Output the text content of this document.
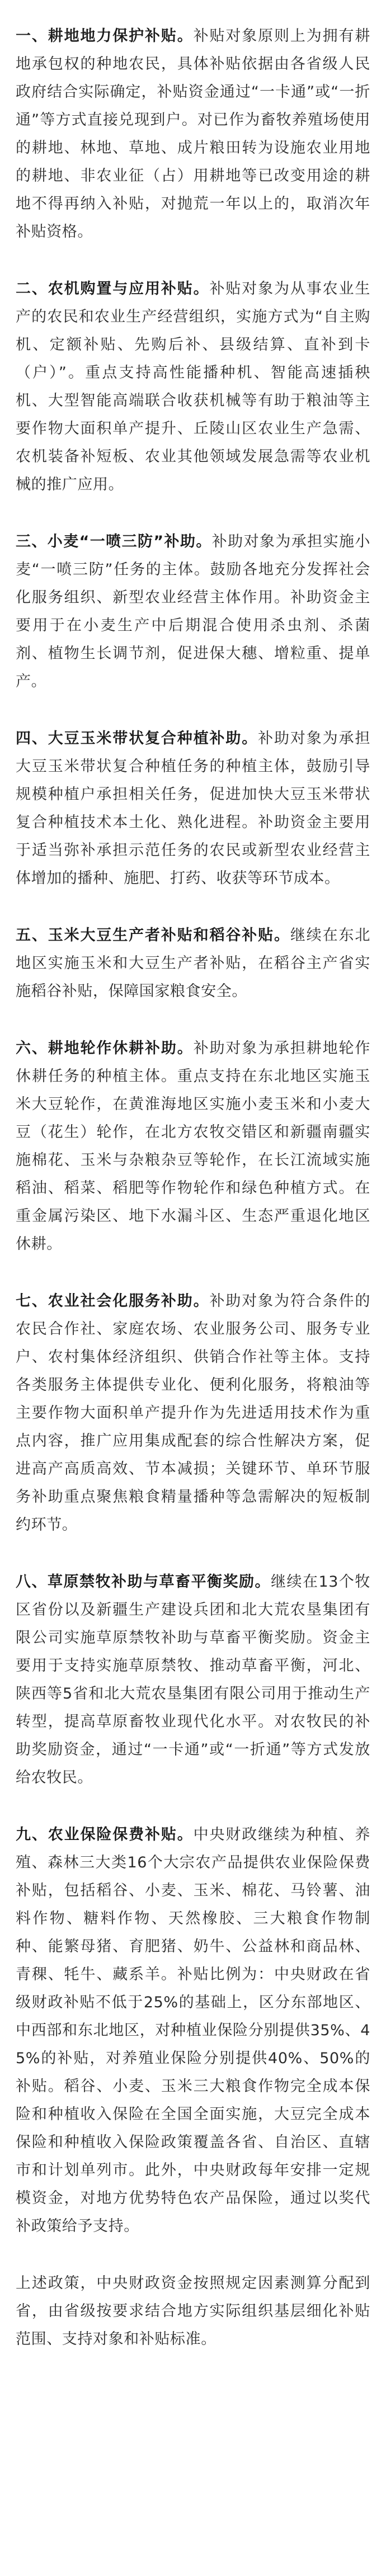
一、耕地地力保护补贴。补贴对象原则上为拥有耕地承包权的种地农民，具体补贴依据由各省级人民政府结合实际确定，补贴资金通过“一卡通”或“一折通”等方式直接兑现到户。对已作为畜牧养殖场使用的耕地、林地、草地、成片粮田转为设施农业用地的耕地、非农业征（占）用耕地等已改变用途的耕地不得再纳入补贴，对抛荒一年以上的，取消次年补贴资格。

二、农机购置与应用补贴。补贴对象为从事农业生产的农民和农业生产经营组织，实施方式为“自主购机、定额补贴、先购后补、县级结算、直补到卡（户）”。重点支持高性能播种机、智能高速插秧机、大型智能高端联合收获机械等有助于粮油等主要作物大面积单产提升、丘陵山区农业生产急需、农机装备补短板、农业其他领域发展急需等农业机械的推广应用。

三、小麦“一喷三防”补助。补助对象为承担实施小麦“一喷三防”任务的主体。鼓励各地充分发挥社会化服务组织、新型农业经营主体作用。补助资金主要用于在小麦生产中后期混合使用杀虫剂、杀菌剂、植物生长调节剂，促进保大穗、增粒重、提单产。

四、大豆玉米带状复合种植补助。补助对象为承担大豆玉米带状复合种植任务的种植主体，鼓励引导规模种植户承担相关任务，促进加快大豆玉米带状复合种植技术本土化、熟化进程。补助资金主要用于适当弥补承担示范任务的农民或新型农业经营主体增加的播种、施肥、打药、收获等环节成本。

五、玉米大豆生产者补贴和稻谷补贴。继续在东北地区实施玉米和大豆生产者补贴，在稻谷主产省实施稻谷补贴，保障国家粮食安全。

六、耕地轮作休耕补助。补助对象为承担耕地轮作休耕任务的种植主体。重点支持在东北地区实施玉米大豆轮作，在黄淮海地区实施小麦玉米和小麦大豆（花生）轮作，在北方农牧交错区和新疆南疆实施棉花、玉米与杂粮杂豆等轮作，在长江流域实施稻油、稻菜、稻肥等作物轮作和绿色种植方式。在重金属污染区、地下水漏斗区、生态严重退化地区休耕。

七、农业社会化服务补助。补助对象为符合条件的农民合作社、家庭农场、农业服务公司、服务专业户、农村集体经济组织、供销合作社等主体。支持各类服务主体提供专业化、便利化服务，将粮油等主要作物大面积单产提升作为先进适用技术作为重点内容，推广应用集成配套的综合性解决方案，促进高产高质高效、节本减损；关键环节、单环节服务补助重点聚焦粮食精量播种等急需解决的短板制约环节。

八、草原禁牧补助与草畜平衡奖励。继续在13个牧区省份以及新疆生产建设兵团和北大荒农垦集团有限公司实施草原禁牧补助与草畜平衡奖励。资金主要用于支持实施草原禁牧、推动草畜平衡，河北、陕西等5省和北大荒农垦集团有限公司用于推动生产转型，提高草原畜牧业现代化水平。对农牧民的补助奖励资金，通过“一卡通”或“一折通”等方式发放给农牧民。

九、农业保险保费补贴。中央财政继续为种植、养殖、森林三大类16个大宗农产品提供农业保险保费补贴，包括稻谷、小麦、玉米、棉花、马铃薯、油料作物、糖料作物、天然橡胶、三大粮食作物制种、能繁母猪、育肥猪、奶牛、公益林和商品林、青稞、牦牛、藏系羊。补贴比例为：中央财政在省级财政补贴不低于25%的基础上，区分东部地区、中西部和东北地区，对种植业保险分别提供35%、45%的补贴，对养殖业保险分别提供40%、50%的补贴。稻谷、小麦、玉米三大粮食作物完全成本保险和种植收入保险在全国全面实施，大豆完全成本保险和种植收入保险政策覆盖各省、自治区、直辖市和计划单列市。此外，中央财政每年安排一定规模资金，对地方优势特色农产品保险，通过以奖代补政策给予支持。

上述政策，中央财政资金按照规定因素测算分配到省，由省级按要求结合地方实际组织基层细化补贴范围、支持对象和补贴标准。
